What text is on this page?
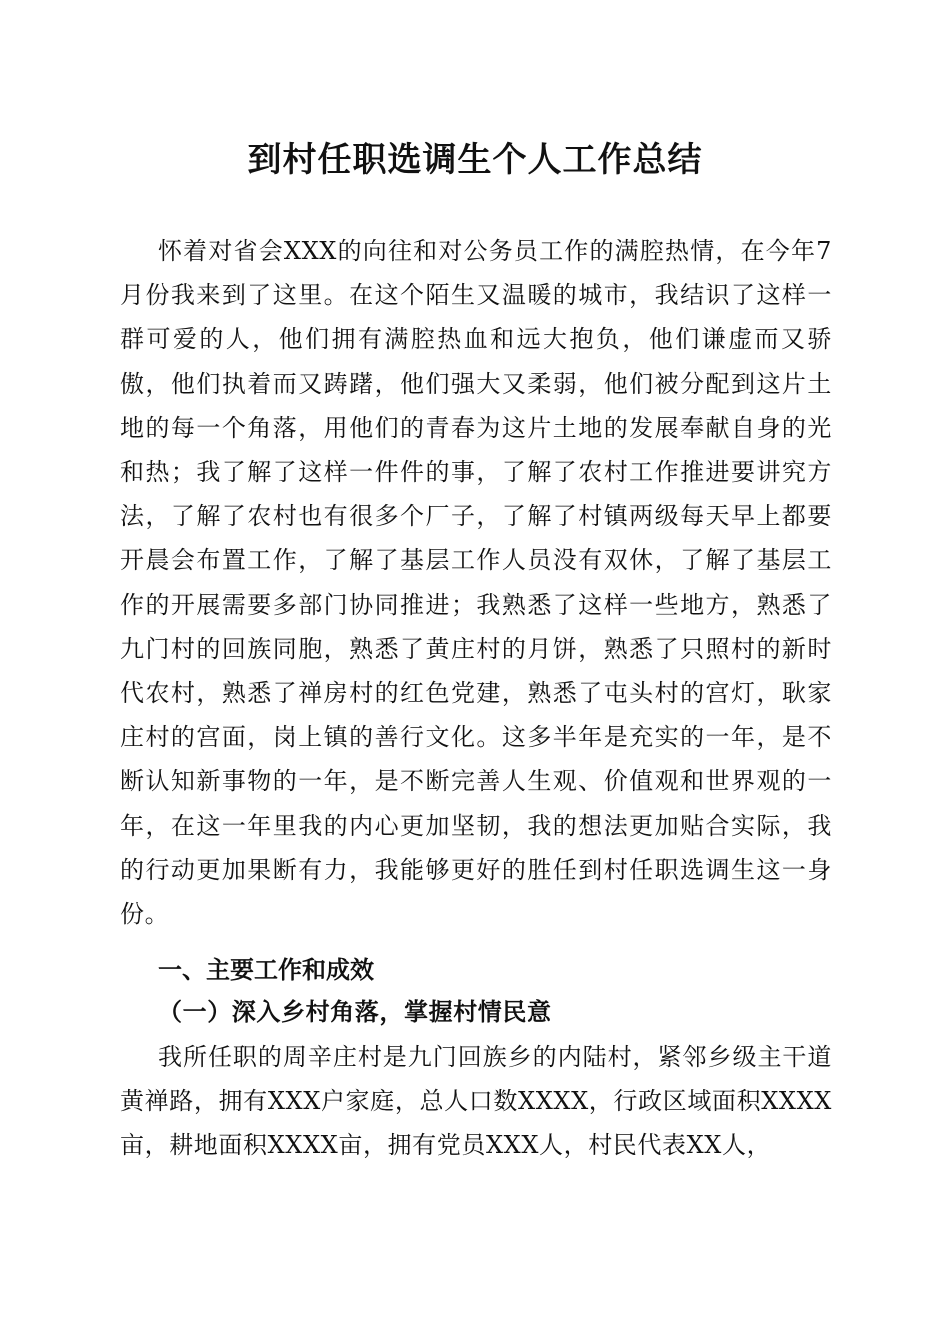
到村任职选调生个人工作总结

怀着对省会XXX的向往和对公务员工作的满腔热情，在今年7月份我来到了这里。在这个陌生又温暖的城市，我结识了这样一群可爱的人，他们拥有满腔热血和远大抱负，他们谦虚而又骄傲，他们执着而又踌躇，他们强大又柔弱，他们被分配到这片土地的每一个角落，用他们的青春为这片土地的发展奉献自身的光和热；我了解了这样一件件的事，了解了农村工作推进要讲究方法，了解了农村也有很多个厂子，了解了村镇两级每天早上都要开晨会布置工作，了解了基层工作人员没有双休，了解了基层工作的开展需要多部门协同推进；我熟悉了这样一些地方，熟悉了九门村的回族同胞，熟悉了黄庄村的月饼，熟悉了只照村的新时代农村，熟悉了禅房村的红色党建，熟悉了屯头村的宫灯，耿家庄村的宫面，岗上镇的善行文化。这多半年是充实的一年，是不断认知新事物的一年，是不断完善人生观、价值观和世界观的一年，在这一年里我的内心更加坚韧，我的想法更加贴合实际，我的行动更加果断有力，我能够更好的胜任到村任职选调生这一身份。

一、主要工作和成效
（一）深入乡村角落，掌握村情民意

我所任职的周辛庄村是九门回族乡的内陆村，紧邻乡级主干道黄禅路，拥有XXX户家庭，总人口数XXXX，行政区域面积XXXX亩，耕地面积XXXX亩，拥有党员XXX人，村民代表XX人，
